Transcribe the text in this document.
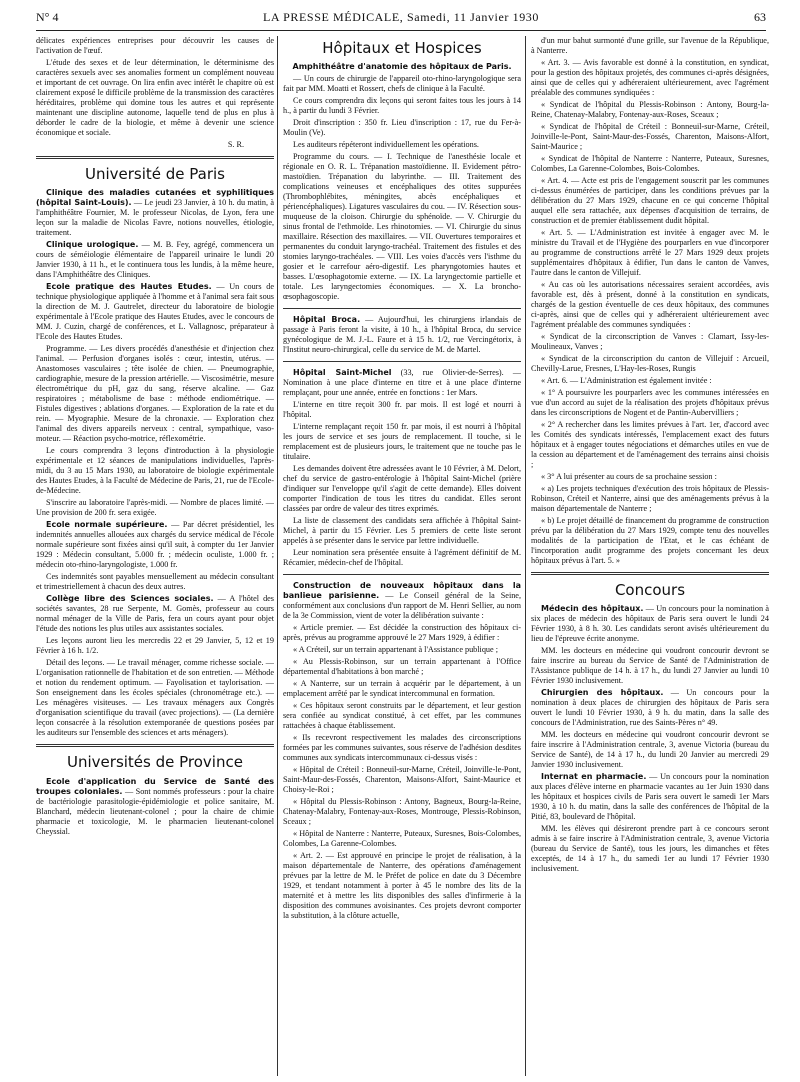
N° 4	LA PRESSE MÉDICALE, Samedi, 11 Janvier 1930	63

délicates expériences entreprises pour découvrir les causes de l'activation de l'œuf.

L'étude des sexes et de leur détermination, le déterminisme des caractères sexuels avec ses anomalies forment un complément nouveau et important de cet ouvrage. On lira enfin avec intérêt le chapitre où est clairement exposé le difficile problème de la transmission des caractères héréditaires, problème qui domine tous les autres et qui représente maintenant une discipline autonome, laquelle tend de plus en plus à déborder le cadre de la biologie, et même à devenir une science économique et sociale.

S. R.

Université de Paris

Clinique des maladies cutanées et syphilitiques (hôpital Saint-Louis). — Le jeudi 23 Janvier, à 10 h. du matin, à l'amphithéâtre Fournier, M. le professeur Nicolas, de Lyon, fera une leçon sur la maladie de Nicolas Favre, notions nouvelles, étiologie, traitement.

Clinique urologique. — M. B. Fey, agrégé, commencera un cours de séméiologie élémentaire de l'appareil urinaire le lundi 20 Janvier 1930, à 11 h., et le continuera tous les lundis, à la même heure, dans l'Amphithéâtre des Cliniques.

Ecole pratique des Hautes Etudes. — Un cours de technique physiologique appliquée à l'homme et à l'animal sera fait sous la direction de M. J. Gautrelet, directeur du laboratoire de biologie expérimentale à l'Ecole pratique des Hautes Etudes, avec le concours de MM. J. Cuzin, chargé de conférences, et L. Vallagnosc, préparateur à l'Ecole des Hautes Etudes.

Programme. — Les divers procédés d'anesthésie et d'injection chez l'animal. — Perfusion d'organes isolés : cœur, intestin, utérus. — Anastomoses vasculaires ; tête isolée de chien. — Pneumographie, cardiographie, mesure de la pression artérielle. — Viscosimétrie, mesure électrométrique du pH, gaz du sang, réserve alcaline. — Gaz respiratoires ; métabolisme de base : méthode endiométrique. — Fistules digestives ; ablations d'organes. — Exploration de la rate et du rein. — Myographie. Mesure de la chronaxie. — Exploration chez l'animal des divers appareils nerveux : central, sympathique, vaso-moteur. — Réaction psycho-motrice, réflexométrie.

Le cours comprendra 3 leçons d'introduction à la physiologie expérimentale et 12 séances de manipulations individuelles, l'après-midi, du 3 au 15 Mars 1930, au laboratoire de biologie expérimentale des Hautes Etudes, à la Faculté de Médecine de Paris, 21, rue de l'Ecole-de-Médecine.

S'inscrire au laboratoire l'après-midi. — Nombre de places limité. — Une provision de 200 fr. sera exigée.

Ecole normale supérieure. — Par décret présidentiel, les indemnités annuelles allouées aux chargés du service médical de l'école normale supérieure sont fixées ainsi qu'il suit, à compter du 1er Janvier 1929 : Médecin consultant, 5.000 fr. ; médecin oculiste, 1.000 fr. ; médecin oto-rhino-laryngologiste, 1.000 fr.

Ces indemnités sont payables mensuellement au médecin consultant et trimestriellement à chacun des deux autres.

Collège libre des Sciences sociales. — A l'hôtel des sociétés savantes, 28 rue Serpente, M. Gomès, professeur au cours normal ménager de la Ville de Paris, fera un cours ayant pour objet l'étude des notions les plus utiles aux assistantes sociales.

Les leçons auront lieu les mercredis 22 et 29 Janvier, 5, 12 et 19 Février à 16 h. 1/2.

Détail des leçons. — Le travail ménager, comme richesse sociale. — L'organisation rationnelle de l'habitation et de son entretien. — Méthode et notion du rendement optimum. — Fayolisation et taylorisation. — Son enseignement dans les écoles spéciales (chronométrage etc.). — Les ménagères visiteuses. — Les travaux ménagers aux Congrès d'organisation scientifique du travail (avec projections). — (La dernière leçon consacrée à la résolution extemporanée de questions posées par les auditeurs sur l'ensemble des sciences et arts ménagers).

Universités de Province

Ecole d'application du Service de Santé des troupes coloniales. — Sont nommés professeurs : pour la chaire de bactériologie parasitologie-épidémiologie et police sanitaire, M. Blanchard, médecin lieutenant-colonel ; pour la chaire de chimie pharmacie et toxicologie, M. le pharmacien lieutenant-colonel Cheyssial.

Hôpitaux et Hospices
Amphithéâtre d'anatomie des hôpitaux de Paris.

— Un cours de chirurgie de l'appareil oto-rhino-laryngologique sera fait par MM. Moatti et Rossert, chefs de clinique à la Faculté.

Ce cours comprendra dix leçons qui seront faites tous les jours à 14 h., à partir du lundi 3 Février.

Droit d'inscription : 350 fr. Lieu d'inscription : 17, rue du Fer-à-Moulin (Ve).

Les auditeurs répéteront individuellement les opérations.

Programme du cours. — I. Technique de l'anesthésie locale et régionale en O. R. L. Trépanation mastoïdienne. II. Evidement pétro-mastoïdien. Trépanation du labyrinthe. — III. Traitement des complications veineuses et encéphaliques des otites suppurées (Thrombophlébites, méningites, abcès encéphaliques et périencéphaliques). Ligatures vasculaires du cou. — IV. Résection sous-muqueuse de la cloison. Chirurgie du sphénoïde. — V. Chirurgie du sinus frontal de l'ethmoïde. Les rhinotomies. — VI. Chirurgie du sinus maxillaire. Résection des maxillaires. — VII. Ouvertures temporaires et permanentes du conduit laryngo-trachéal. Traitement des fistules et des stomies laryngo-trachéales. — VIII. Les voies d'accès vers l'isthme du gosier et le carrefour aéro-digestif. Les pharyngotomies hautes et basses. L'œsophagotomie externe. — IX. La laryngectomie partielle et totale. Les laryngectomies économiques. — X. La broncho-œsophagoscopie.

Hôpital Broca. — Aujourd'hui, les chirurgiens irlandais de passage à Paris feront la visite, à 10 h., à l'hôpital Broca, du service gynécologique de M. J.-L. Faure et à 15 h. 1/2, rue Vercingétorix, à l'Institut neuro-chirurgical, celle du service de M. de Martel.

Hôpital Saint-Michel (33, rue Olivier-de-Serres). — Nomination à une place d'interne en titre et à une place d'interne remplaçant, pour une année, entrée en fonctions : 1er Mars.

L'interne en titre reçoit 300 fr. par mois. Il est logé et nourri à l'hôpital.

L'interne remplaçant reçoit 150 fr. par mois, il est nourri à l'hôpital les jours de service et ses jours de remplacement. Il touche, si le remplacement est de plusieurs jours, le traitement que ne touche pas le titulaire.

Les demandes doivent être adressées avant le 10 Février, à M. Delort, chef du service de gastro-entérologie à l'hôpital Saint-Michel (prière d'indiquer sur l'enveloppe qu'il s'agit de cette demande). Elles doivent comporter l'indication de tous les titres du candidat. Elles seront classées par ordre de valeur des titres exprimés.

La liste de classement des candidats sera affichée à l'hôpital Saint-Michel, à partir du 15 Février. Les 5 premiers de cette liste seront appelés à se présenter dans le service par lettre individuelle.

Leur nomination sera présentée ensuite à l'agrément définitif de M. Récamier, médecin-chef de l'hôpital.

Construction de nouveaux hôpitaux dans la banlieue parisienne. — Le Conseil général de la Seine, conformément aux conclusions d'un rapport de M. Henri Sellier, au nom de la 3e Commission, vient de voter la délibération suivante :

« Article premier. — Est décidée la construction des hôpitaux ci-après, prévus au programme approuvé le 27 Mars 1929, à édifier :

« A Créteil, sur un terrain appartenant à l'Assistance publique ;

« Au Plessis-Robinson, sur un terrain appartenant à l'Office départemental d'habitations à bon marché ;

« A Nanterre, sur un terrain à acquérir par le département, à un emplacement arrêté par le syndicat intercommunal en formation.

« Ces hôpitaux seront construits par le département, et leur gestion sera confiée au syndicat constitué, à cet effet, par les communes rattachées à chaque établissement.

« Ils recevront respectivement les malades des circonscriptions formées par les communes suivantes, sous réserve de l'adhésion desdites communes aux syndicats intercommunaux ci-dessus visés :

« Hôpital de Créteil : Bonneuil-sur-Marne, Créteil, Joinville-le-Pont, Saint-Maur-des-Fossés, Charenton, Maisons-Alfort, Saint-Maurice et Choisy-le-Roi ;

« Hôpital du Plessis-Robinson : Antony, Bagneux, Bourg-la-Reine, Chatenay-Malabry, Fontenay-aux-Roses, Montrouge, Plessis-Robinson, Sceaux ;

« Hôpital de Nanterre : Nanterre, Puteaux, Suresnes, Bois-Colombes, Colombes, La Garenne-Colombes.

« Art. 2. — Est approuvé en principe le projet de réalisation, à la maison départementale de Nanterre, des opérations d'aménagement prévues par la lettre de M. le Préfet de police en date du 3 Décembre 1929, et tendant notamment à porter à 45 le nombre des lits de la maternité et à mettre les lits disponibles des salles d'infirmerie à la disposition des communes avoisinantes. Ces projets devront comporter la substitution, à la clôture actuelle,

d'un mur bahut surmonté d'une grille, sur l'avenue de la République, à Nanterre.

« Art. 3. — Avis favorable est donné à la constitution, en syndicat, pour la gestion des hôpitaux projetés, des communes ci-après désignées, ainsi que de celles qui y adhéreraient ultérieurement, avec l'agrément préalable des communes syndiquées :

« Syndicat de l'hôpital du Plessis-Robinson : Antony, Bourg-la-Reine, Chatenay-Malabry, Fontenay-aux-Roses, Sceaux ;

« Syndicat de l'hôpital de Créteil : Bonneuil-sur-Marne, Créteil, Joinville-le-Pont, Saint-Maur-des-Fossés, Charenton, Maisons-Alfort, Saint-Maurice ;

« Syndicat de l'hôpital de Nanterre : Nanterre, Puteaux, Suresnes, Colombes, La Garenne-Colombes, Bois-Colombes.

« Art. 4. — Acte est pris de l'engagement souscrit par les communes ci-dessus énumérées de participer, dans les conditions prévues par la délibération du 27 Mars 1929, chacune en ce qui concerne l'hôpital auquel elle sera rattachée, aux dépenses d'acquisition de terrains, de construction et de premier établissement dudit hôpital.

« Art. 5. — L'Administration est invitée à engager avec M. le ministre du Travail et de l'Hygiène des pourparlers en vue d'incorporer au programme de constructions arrêté le 27 Mars 1929 deux projets supplémentaires d'hôpitaux à édifier, l'un dans le canton de Vanves, l'autre dans le canton de Villejuif.

« Au cas où les autorisations nécessaires seraient accordées, avis favorable est, dès à présent, donné à la constitution en syndicats, chargés de la gestion éventuelle de ces deux hôpitaux, des communes ci-après, ainsi que de celles qui y adhéreraient ultérieurement avec l'agrément préalable des communes syndiquées :

« Syndicat de la circonscription de Vanves : Clamart, Issy-les-Moulineaux, Vanves ;

« Syndicat de la circonscription du canton de Villejuif : Arcueil, Chevilly-Larue, Fresnes, L'Hay-les-Roses, Rungis

« Art. 6. — L'Administration est également invitée :

« 1° A poursuivre les pourparlers avec les communes intéressées en vue d'un accord au sujet de la réalisation des projets d'hôpitaux prévus dans les circonscriptions de Nogent et de Pantin-Aubervilliers ;

« 2° A rechercher dans les limites prévues à l'art. 1er, d'accord avec les Comités des syndicats intéressés, l'emplacement exact des futurs hôpitaux et à engager toutes négociations et démarches utiles en vue de la cession au département et de l'aménagement des terrains ainsi choisis ;

« 3° A lui présenter au cours de sa prochaine session :

« a) Les projets techniques d'exécution des trois hôpitaux de Plessis-Robinson, Créteil et Nanterre, ainsi que des aménagements prévus à la maison départementale de Nanterre ;

« b) Le projet détaillé de financement du programme de construction prévu par la délibération du 27 Mars 1929, compte tenu des nouvelles modalités de la participation de l'Etat, et le cas échéant de l'incorporation audit programme des projets concernant les deux hôpitaux prévus à l'art. 5. »

Concours

Médecin des hôpitaux. — Un concours pour la nomination à six places de médecin des hôpitaux de Paris sera ouvert le lundi 24 Février 1930, à 8 h. 30. Les candidats seront avisés ultérieurement du lieu de l'épreuve écrite anonyme.

MM. les docteurs en médecine qui voudront concourir devront se faire inscrire au bureau du Service de Santé de l'Administration de l'Assistance publique de 14 h. à 17 h., du lundi 27 Janvier au lundi 10 Février 1930 inclusivement.

Chirurgien des hôpitaux. — Un concours pour la nomination à deux places de chirurgien des hôpitaux de Paris sera ouvert le lundi 10 Février 1930, à 9 h. du matin, dans la salle des concours de l'Administration, rue des Saints-Pères n° 49.

MM. les docteurs en médecine qui voudront concourir devront se faire inscrire à l'Administration centrale, 3, avenue Victoria (bureau du Service de Santé), de 14 à 17 h., du lundi 20 Janvier au mercredi 29 Janvier 1930 inclusivement.

Internat en pharmacie. — Un concours pour la nomination aux places d'élève interne en pharmacie vacantes au 1er Juin 1930 dans les hôpitaux et hospices civils de Paris sera ouvert le samedi 1er Mars 1930, à 10 h. du matin, dans la salle des conférences de l'hôpital de la Pitié, 83, boulevard de l'hôpital.

MM. les élèves qui désireront prendre part à ce concours seront admis à se faire inscrire à l'Administration centrale, 3, avenue Victoria (bureau du Service de Santé), tous les jours, les dimanches et fêtes exceptés, de 14 à 17 h., du samedi 1er au lundi 17 Février 1930 inclusivement.
